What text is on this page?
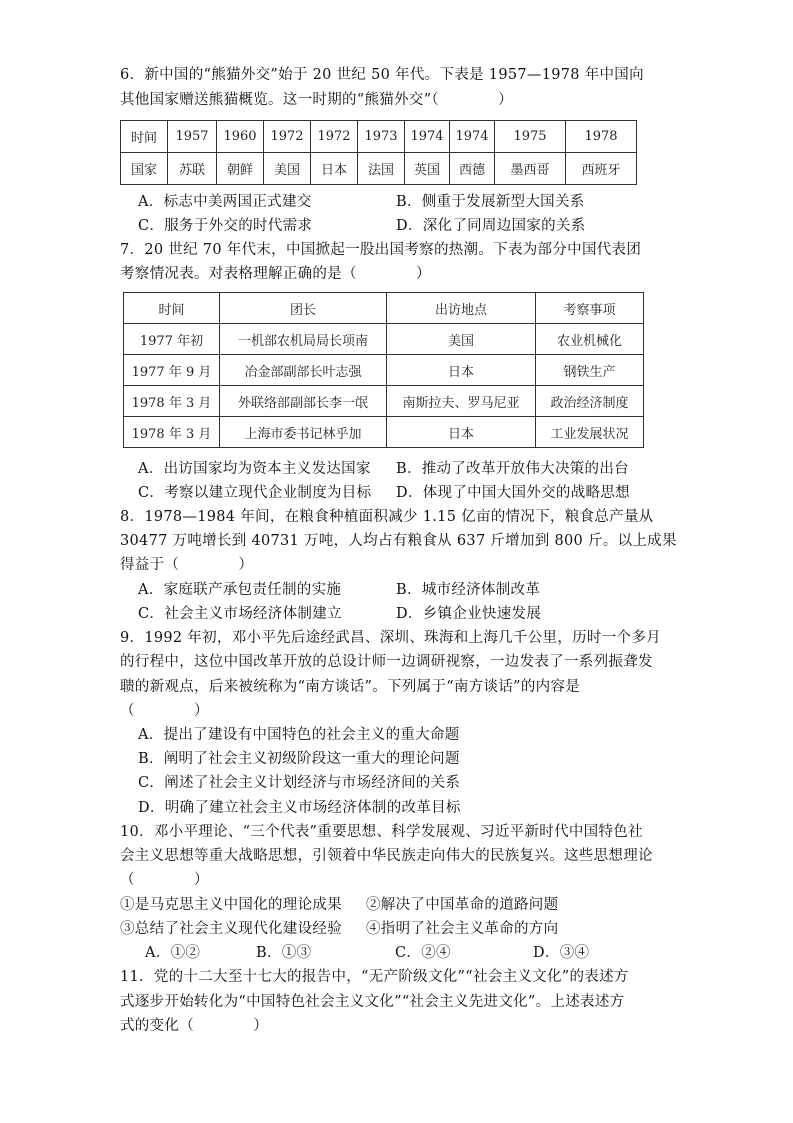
6．新中国的“熊猫外交”始于 20 世纪 50 年代。下表是 1957—1978 年中国向
其他国家赠送熊猫概览。这一时期的“熊猫外交”（　　　　）
时间	1957	1960	1972	1972	1973	1974	1974	1975	1978
国家	苏联	朝鲜	美国	日本	法国	英国	西德	墨西哥	西班牙
A．标志中美两国正式建交	B．侧重于发展新型大国关系
C．服务于外交的时代需求	D．深化了同周边国家的关系
7．20 世纪 70 年代末，中国掀起一股出国考察的热潮。下表为部分中国代表团
考察情况表。对表格理解正确的是（　　　　）
时间	团长	出访地点	考察事项
1977 年初	一机部农机局局长项南	美国	农业机械化
1977 年 9 月	冶金部副部长叶志强	日本	钢铁生产
1978 年 3 月	外联络部副部长李一氓	南斯拉夫、罗马尼亚	政治经济制度
1978 年 3 月	上海市委书记林乎加	日本	工业发展状况
A．出访国家均为资本主义发达国家 B．推动了改革开放伟大决策的出台
C．考察以建立现代企业制度为目标 D．体现了中国大国外交的战略思想
8．1978—1984 年间，在粮食种植面积减少 1.15 亿亩的情况下，粮食总产量从
30477 万吨增长到 40731 万吨，人均占有粮食从 637 斤增加到 800 斤。以上成果
得益于（　　　　）
A．家庭联产承包责任制的实施	B．城市经济体制改革
C．社会主义市场经济体制建立	D．乡镇企业快速发展
9．1992 年初，邓小平先后途经武昌、深圳、珠海和上海几千公里，历时一个多月
的行程中，这位中国改革开放的总设计师一边调研视察，一边发表了一系列振聋发
聩的新观点，后来被统称为“南方谈话”。下列属于“南方谈话”的内容是
（　　　　）
A．提出了建设有中国特色的社会主义的重大命题
B．阐明了社会主义初级阶段这一重大的理论问题
C．阐述了社会主义计划经济与市场经济间的关系
D．明确了建立社会主义市场经济体制的改革目标
10．邓小平理论、“三个代表”重要思想、科学发展观、习近平新时代中国特色社
会主义思想等重大战略思想，引领着中华民族走向伟大的民族复兴。这些思想理论
（　　　　）
①是马克思主义中国化的理论成果 ②解决了中国革命的道路问题
③总结了社会主义现代化建设经验 ④指明了社会主义革命的方向
A．①②	B．①③	C．②④	D．③④
11．党的十二大至十七大的报告中，“无产阶级文化”“社会主义文化”的表述方
式逐步开始转化为“中国特色社会主义文化”“社会主义先进文化”。上述表述方
式的变化（　　　　）
